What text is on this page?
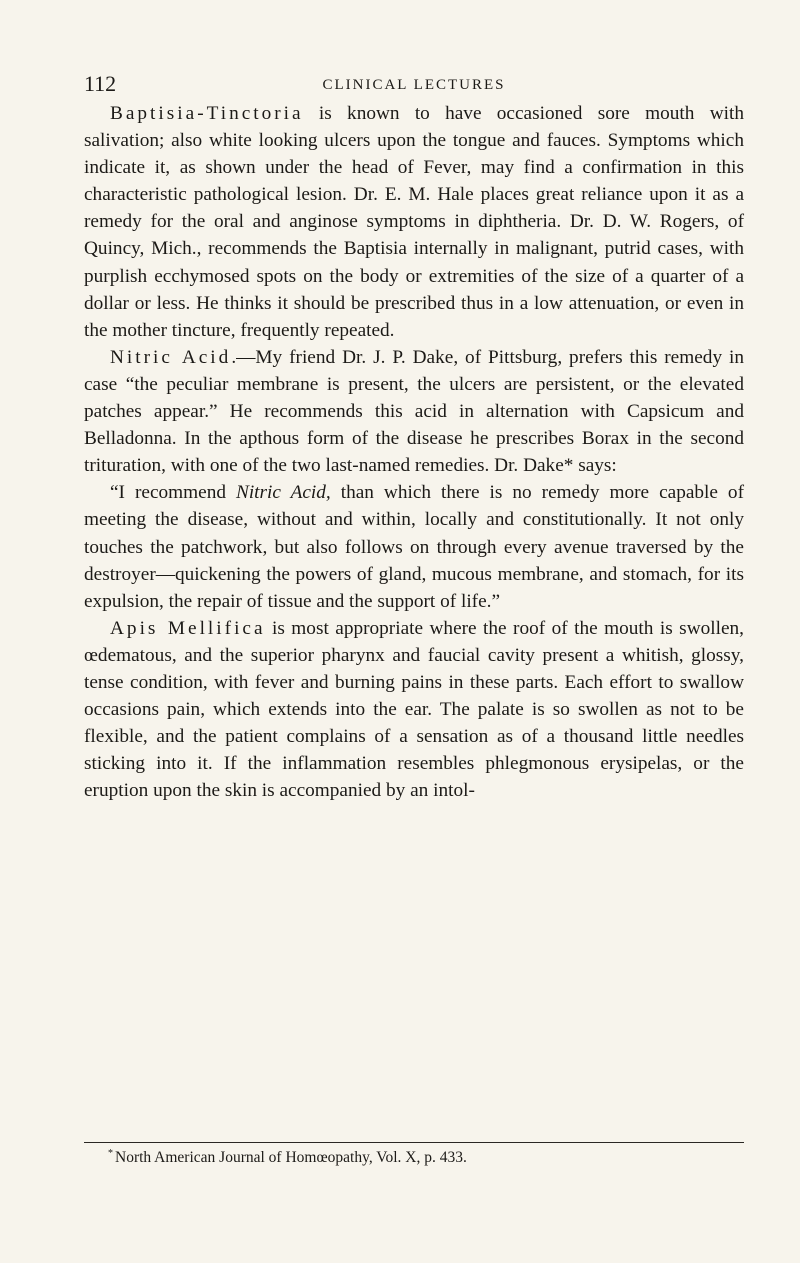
112	CLINICAL LECTURES

Baptisia-Tinctoria is known to have occasioned sore mouth with salivation; also white looking ulcers upon the tongue and fauces. Symptoms which indicate it, as shown under the head of Fever, may find a confirmation in this characteristic pathological lesion. Dr. E. M. Hale places great reliance upon it as a remedy for the oral and anginose symptoms in diphtheria. Dr. D. W. Rogers, of Quincy, Mich., recommends the Baptisia internally in malignant, putrid cases, with purplish ecchymosed spots on the body or extremities of the size of a quarter of a dollar or less. He thinks it should be prescribed thus in a low attenuation, or even in the mother tincture, frequently repeated.

Nitric Acid.—My friend Dr. J. P. Dake, of Pittsburg, prefers this remedy in case “the peculiar membrane is present, the ulcers are persistent, or the elevated patches appear.” He recommends this acid in alternation with Capsicum and Belladonna. In the apthous form of the disease he prescribes Borax in the second trituration, with one of the two last-named remedies. Dr. Dake* says:

“I recommend Nitric Acid, than which there is no remedy more capable of meeting the disease, without and within, locally and constitutionally. It not only touches the patchwork, but also follows on through every avenue traversed by the destroyer—quickening the powers of gland, mucous membrane, and stomach, for its expulsion, the repair of tissue and the support of life.”

Apis Mellifica is most appropriate where the roof of the mouth is swollen, œdematous, and the superior pharynx and faucial cavity present a whitish, glossy, tense condition, with fever and burning pains in these parts. Each effort to swallow occasions pain, which extends into the ear. The palate is so swollen as not to be flexible, and the patient complains of a sensation as of a thousand little needles sticking into it. If the inflammation resembles phlegmonous erysipelas, or the eruption upon the skin is accompanied by an intol-

* North American Journal of Homœopathy, Vol. X, p. 433.
